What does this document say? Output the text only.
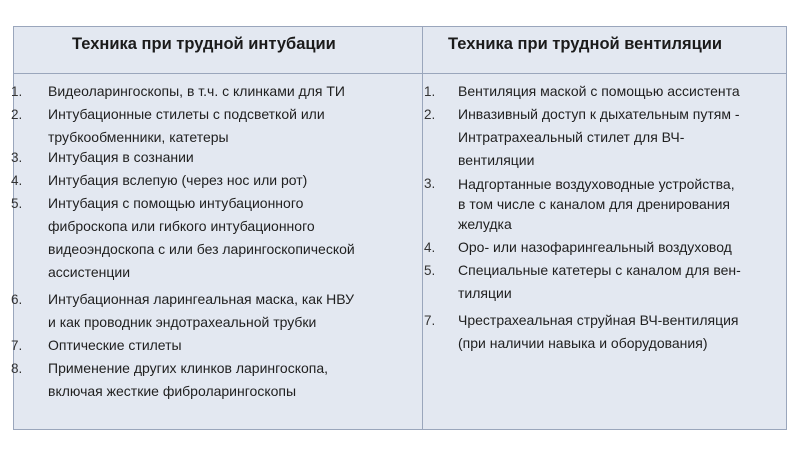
Техника при трудной интубации	Техника при трудной вентиляции
1. Видеоларингоскопы, в т.ч. с клинками для ТИ
2. Интубационные стилеты с подсветкой или
трубкообменники, катетеры
3. Интубация в сознании
4. Интубация вслепую (через нос или рот)
5. Интубация с помощью интубационного
фиброскопа или гибкого интубационного
видеоэндоскопа с или без ларингоскопической
ассистенции
6. Интубационная ларингеальная маска, как НВУ
и как проводник эндотрахеальной трубки
7. Оптические стилеты
8. Применение других клинков ларингоскопа,
включая жесткие фиброларингоскопы
1. Вентиляция маской с помощью ассистента
2. Инвазивный доступ к дыхательным путям -
Интратрахеальный стилет для ВЧ-
вентиляции
3. Надгортанные воздуховодные устройства,
в том числе с каналом для дренирования
желудка
4. Оро- или назофарингеальный воздуховод
5. Специальные катетеры с каналом для вен-
тиляции
7. Чрестрахеальная струйная ВЧ-вентиляция
(при наличии навыка и оборудования)
